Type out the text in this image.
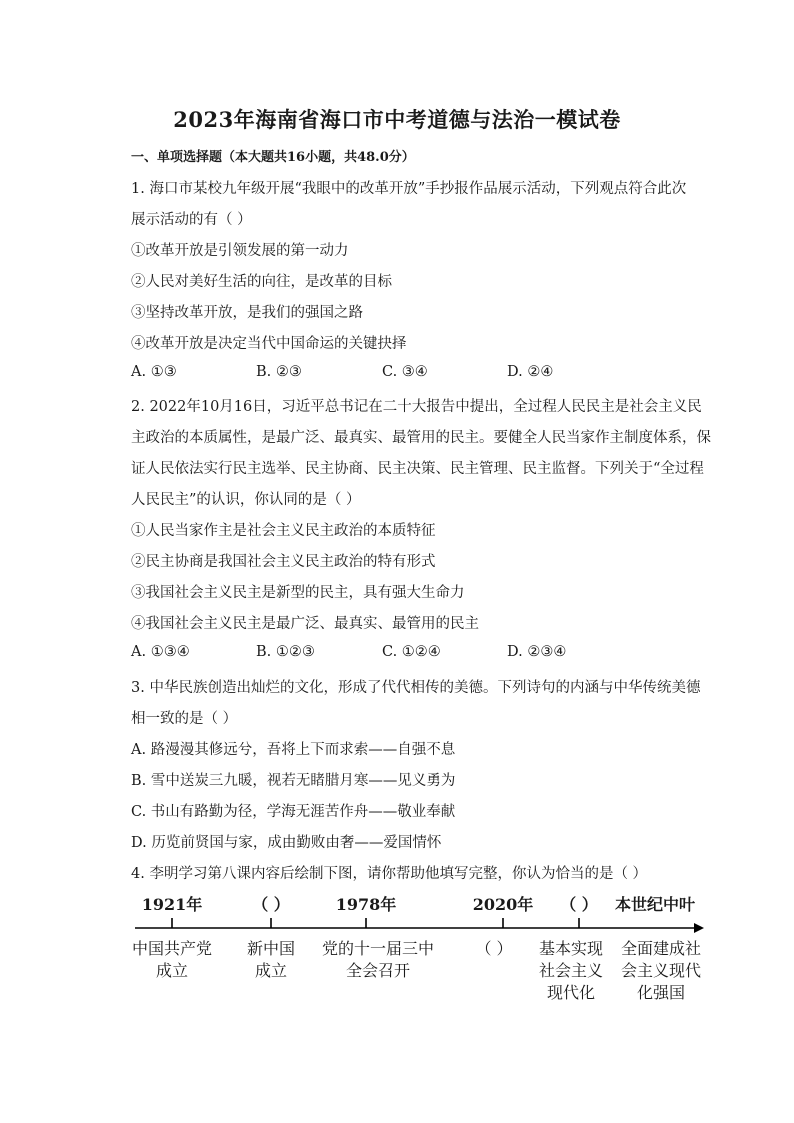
2023年海南省海口市中考道德与法治一模试卷
一、单项选择题（本大题共16小题，共48.0分）
1. 海口市某校九年级开展“我眼中的改革开放”手抄报作品展示活动，下列观点符合此次
展示活动的有（ ）
①改革开放是引领发展的第一动力
②人民对美好生活的向往，是改革的目标
③坚持改革开放，是我们的强国之路
④改革开放是决定当代中国命运的关键抉择
A. ①③	B. ②③	C. ③④	D. ②④
2. 2022年10月16日，习近平总书记在二十大报告中提出，全过程人民民主是社会主义民
主政治的本质属性，是最广泛、最真实、最管用的民主。要健全人民当家作主制度体系，保
证人民依法实行民主选举、民主协商、民主决策、民主管理、民主监督。下列关于“全过程
人民民主”的认识，你认同的是（ ）
①人民当家作主是社会主义民主政治的本质特征
②民主协商是我国社会主义民主政治的特有形式
③我国社会主义民主是新型的民主，具有强大生命力
④我国社会主义民主是最广泛、最真实、最管用的民主
A. ①③④	B. ①②③	C. ①②④	D. ②③④
3. 中华民族创造出灿烂的文化，形成了代代相传的美德。下列诗句的内涵与中华传统美德
相一致的是（ ）
A. 路漫漫其修远兮，吾将上下而求索——自强不息
B. 雪中送炭三九暖，视若无睹腊月寒——见义勇为
C. 书山有路勤为径，学海无涯苦作舟——敬业奉献
D. 历览前贤国与家，成由勤败由奢——爱国情怀
4. 李明学习第八课内容后绘制下图，请你帮助他填写完整，你认为恰当的是（ ）
1921年	（ ）	1978年	2020年 （ ） 本世纪中叶
中国共产党
成立
新中国
成立
党的十一届三中
全会召开
（ ） 基本实现
社会主义
现代化
全面建成社
会主义现代
化强国
